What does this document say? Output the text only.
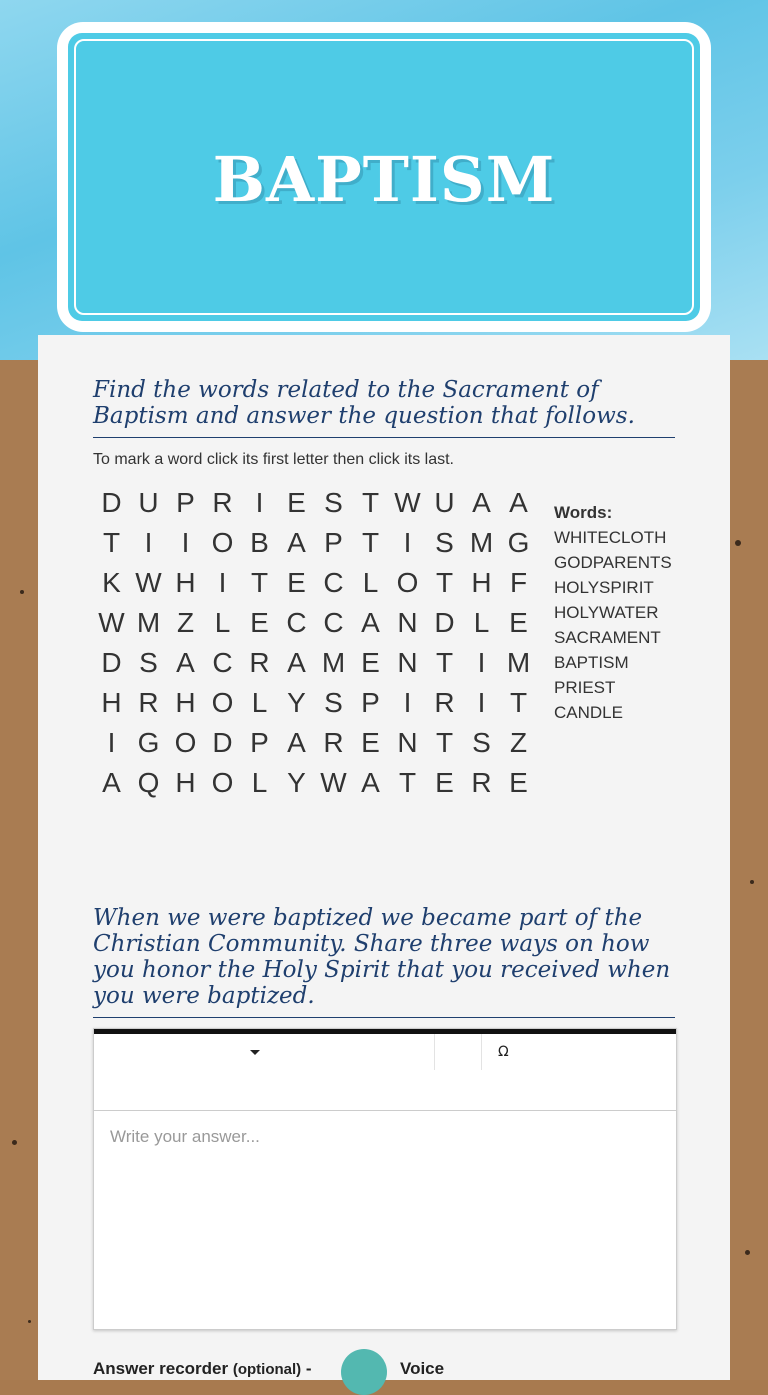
BAPTISM
Find the words related to the Sacrament of Baptism and answer the question that follows.
To mark a word click its first letter then click its last.
D U P R I E S T W U A A
T I	I O B A P T I S M G
K W H I T E C L O T H F
W M Z L E C C A N D L E
D S A C R A M E N T I M
H R H O L Y S P I R I T
I G O D P A R E N T S Z
A Q H O L Y W A T E R E
Words:
WHITECLOTH
GODPARENTS
HOLYSPIRIT
HOLYWATER
SACRAMENT
BAPTISM
PRIEST
CANDLE
When we were baptized we became part of the Christian Community. Share three ways on how you honor the Holy Spirit that you received when you were baptized.
Ω
Write your answer...
Answer recorder (optional) -	Voice
